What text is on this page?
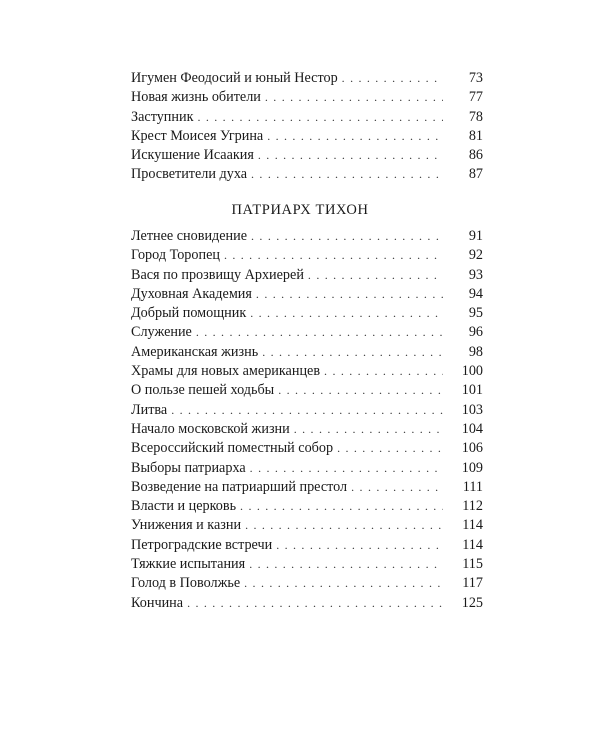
Игумен Феодосий и юный Нестор . . .	73
Новая жизнь обители . . .	77
Заступник . . .	78
Крест Моисея Угрина . . .	81
Искушение Исаакия . . .	86
Просветители духа . . .	87
ПАТРИАРХ ТИХОН
Летнее сновидение . . .	91
Город Торопец . . .	92
Вася по прозвищу Архиерей . . .	93
Духовная Академия . . .	94
Добрый помощник . . .	95
Служение . . .	96
Американская жизнь . . .	98
Храмы для новых американцев . . .	100
О пользе пешей ходьбы . . .	101
Литва . . .	103
Начало московской жизни . . .	104
Всероссийский поместный собор . . .	106
Выборы патриарха . . .	109
Возведение на патриарший престол . . .	111
Власти и церковь . . .	112
Унижения и казни . . .	114
Петроградские встречи . . .	114
Тяжкие испытания . . .	115
Голод в Поволжье . . .	117
Кончина . . .	125
